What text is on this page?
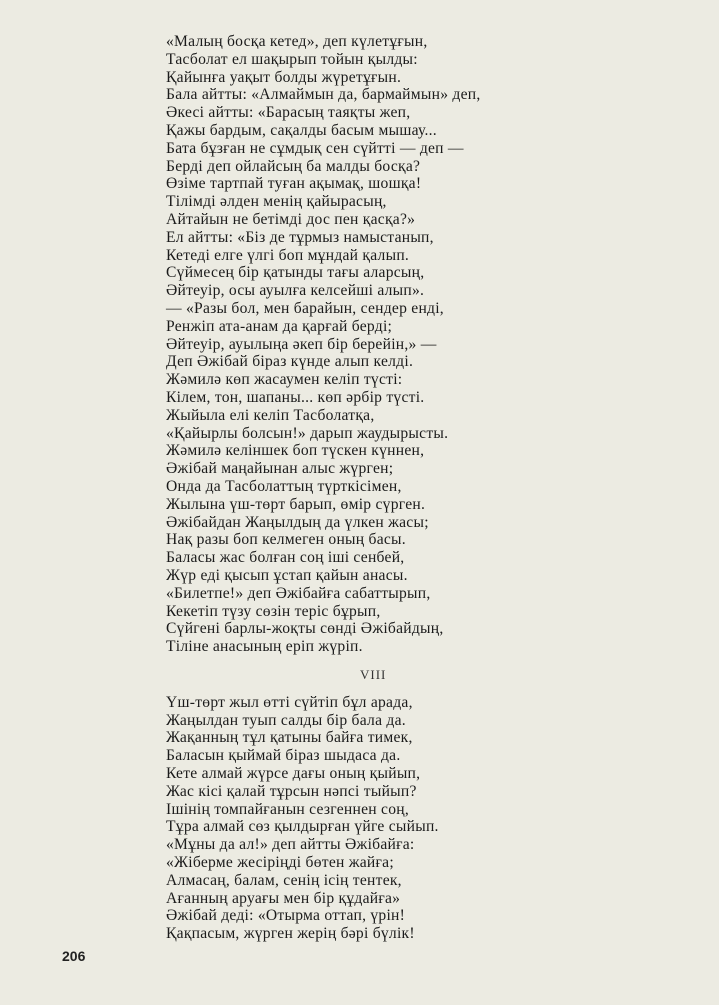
«Малың босқа кетед», деп күлетұғын,
Тасболат ел шақырып тойын қылды:
Қайынға уақыт болды жүретұғын.
Бала айтты: «Алмаймын да, бармаймын» деп,
Әкесі айтты: «Барасың таяқты жеп,
Қажы бардым, сақалды басым мышау...
Бата бұзған не сұмдық сен сүйтті — деп —
Берді деп ойлайсың ба малды босқа?
Өзіме тартпай туған ақымақ, шошқа!
Тілімді әлден менің қайырасың,
Айтайын не бетімді дос пен қасқа?»
Ел айтты: «Біз де тұрмыз намыстанып,
Кетеді елге үлгі боп мұндай қалып.
Сүймесең бір қатынды тағы аларсың,
Әйтеуір, осы ауылға келсейші алып».
— «Разы бол, мен барайын, сендер енді,
Ренжіп ата-анам да қарғай берді;
Әйтеуір, ауылыңа әкеп бір берейін,» —
Деп Әжібай біраз күнде алып келді.
Жәмилә көп жасаумен келіп түсті:
Кілем, тон, шапаны... көп әрбір түсті.
Жыйыла елі келіп Тасболатқа,
«Қайырлы болсын!» дарып жаудырысты.
Жәмилә келіншек боп түскен күннен,
Әжібай маңайынан алыс жүрген;
Онда да Тасболаттың түрткісімен,
Жылына үш-төрт барып, өмір сүрген.
Әжібайдан Жаңылдың да үлкен жасы;
Нақ разы боп келмеген оның басы.
Баласы жас болған соң іші сенбей,
Жүр еді қысып ұстап қайын анасы.
«Билетпе!» деп Әжібайға сабаттырып,
Кекетіп түзу сөзін теріс бұрып,
Сүйгені барлы-жоқты сөнді Әжібайдың,
Тіліне анасының еріп жүріп.
VIII
Үш-төрт жыл өтті сүйтіп бұл арада,
Жаңылдан туып салды бір бала да.
Жақанның тұл қатыны байға тимек,
Баласын қыймай біраз шыдаса да.
Кете алмай жүрсе дағы оның қыйып,
Жас кісі қалай тұрсын нәпсі тыйып?
Ішінің томпайғанын сезгеннен соң,
Тұра алмай сөз қылдырған үйге сыйып.
«Мұны да ал!» деп айтты Әжібайға:
«Жіберме жесіріңді бөтен жайға;
Алмасаң, балам, сенің ісің тентек,
Ағанның аруағы мен бір құдайға»
Әжібай деді: «Отырма оттап, үрін!
Қақпасым, жүрген жерің бәрі бүлік!
206
